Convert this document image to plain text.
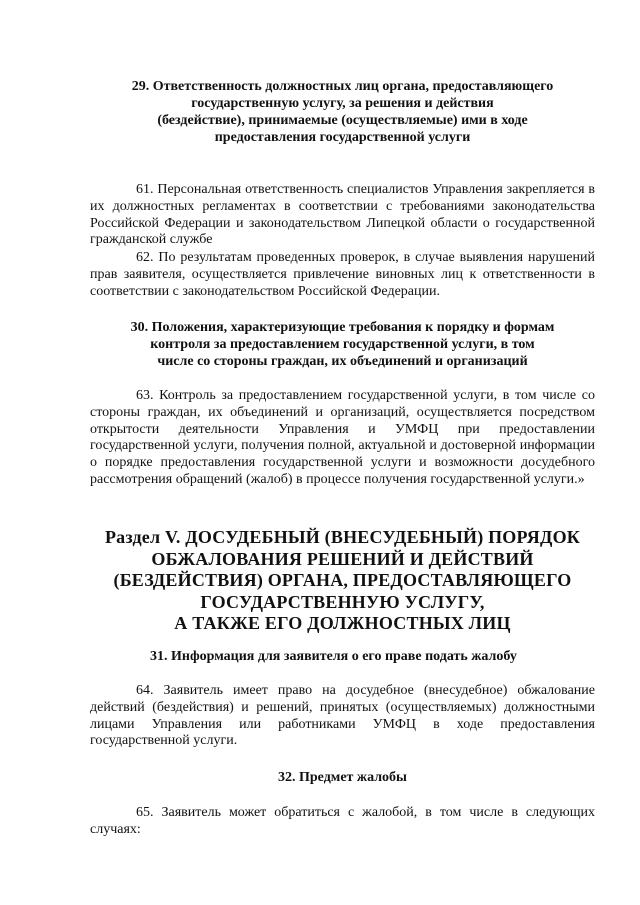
29. Ответственность должностных лиц органа, предоставляющего
государственную услугу, за решения и действия
(бездействие), принимаемые (осуществляемые) ими в ходе
предоставления государственной услуги

61. Персональная ответственность специалистов Управления закрепляется в их должностных регламентах в соответствии с требованиями законодательства Российской Федерации и законодательством Липецкой области о государственной гражданской службе

62. По результатам проведенных проверок, в случае выявления нарушений прав заявителя, осуществляется привлечение виновных лиц к ответственности в соответствии с законодательством Российской Федерации.

30. Положения, характеризующие требования к порядку и формам
контроля за предоставлением государственной услуги, в том
числе со стороны граждан, их объединений и организаций

63. Контроль за предоставлением государственной услуги, в том числе со стороны граждан, их объединений и организаций, осуществляется посредством открытости деятельности Управления и УМФЦ при предоставлении государственной услуги, получения полной, актуальной и достоверной информации о порядке предоставления государственной услуги и возможности досудебного рассмотрения обращений (жалоб) в процессе получения государственной услуги.»

Раздел V. ДОСУДЕБНЫЙ (ВНЕСУДЕБНЫЙ) ПОРЯДОК
ОБЖАЛОВАНИЯ РЕШЕНИЙ И ДЕЙСТВИЙ
(БЕЗДЕЙСТВИЯ) ОРГАНА, ПРЕДОСТАВЛЯЮЩЕГО
ГОСУДАРСТВЕННУЮ УСЛУГУ,
А ТАКЖЕ ЕГО ДОЛЖНОСТНЫХ ЛИЦ
31. Информация для заявителя о его праве подать жалобу

64. Заявитель имеет право на досудебное (внесудебное) обжалование действий (бездействия) и решений, принятых (осуществляемых) должностными лицами Управления или работниками УМФЦ в ходе предоставления государственной услуги.

32. Предмет жалобы

65. Заявитель может обратиться с жалобой, в том числе в следующих случаях:
